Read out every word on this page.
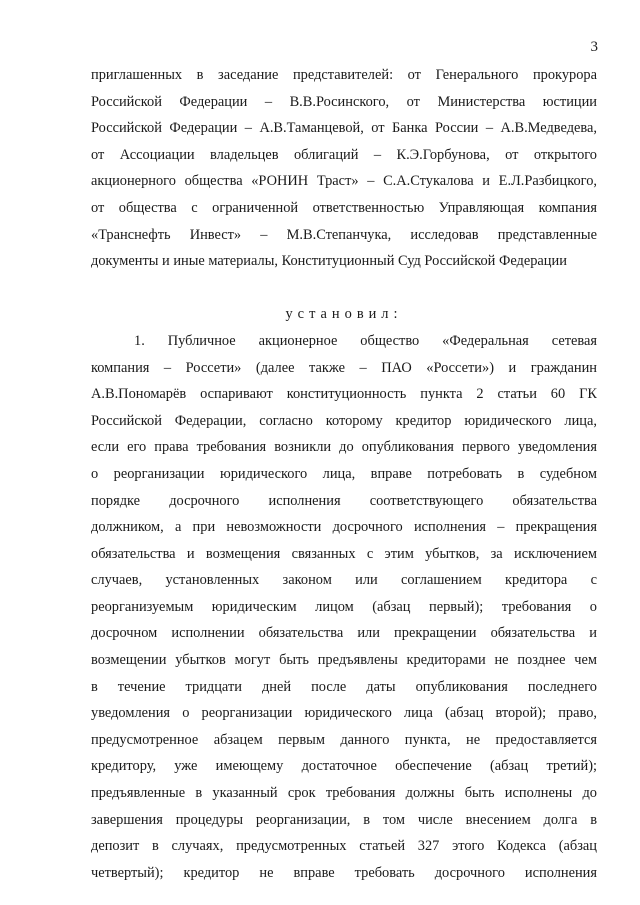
3
приглашенных в заседание представителей: от Генерального прокурора
Российской Федерации – В.В.Росинского, от Министерства юстиции
Российской Федерации – А.В.Таманцевой, от Банка России – А.В.Медведева,
от Ассоциации владельцев облигаций – К.Э.Горбунова, от открытого
акционерного общества «РОНИН Траст» – С.А.Стукалова и Е.Л.Разбицкого,
от общества с ограниченной ответственностью Управляющая компания
«Транснефть Инвест» – М.В.Степанчука, исследовав представленные
документы и иные материалы, Конституционный Суд Российской Федерации
установил:
1. Публичное акционерное общество «Федеральная сетевая
компания – Россети» (далее также – ПАО «Россети») и гражданин
А.В.Пономарёв оспаривают конституционность пункта 2 статьи 60 ГК
Российской Федерации, согласно которому кредитор юридического лица,
если его права требования возникли до опубликования первого уведомления
о реорганизации юридического лица, вправе потребовать в судебном
порядке досрочного исполнения соответствующего обязательства
должником, а при невозможности досрочного исполнения – прекращения
обязательства и возмещения связанных с этим убытков, за исключением
случаев, установленных законом или соглашением кредитора с
реорганизуемым юридическим лицом (абзац первый); требования о
досрочном исполнении обязательства или прекращении обязательства и
возмещении убытков могут быть предъявлены кредиторами не позднее чем
в течение тридцати дней после даты опубликования последнего
уведомления о реорганизации юридического лица (абзац второй); право,
предусмотренное абзацем первым данного пункта, не предоставляется
кредитору, уже имеющему достаточное обеспечение (абзац третий);
предъявленные в указанный срок требования должны быть исполнены до
завершения процедуры реорганизации, в том числе внесением долга в
депозит в случаях, предусмотренных статьей 327 этого Кодекса (абзац
четвертый); кредитор не вправе требовать досрочного исполнения
